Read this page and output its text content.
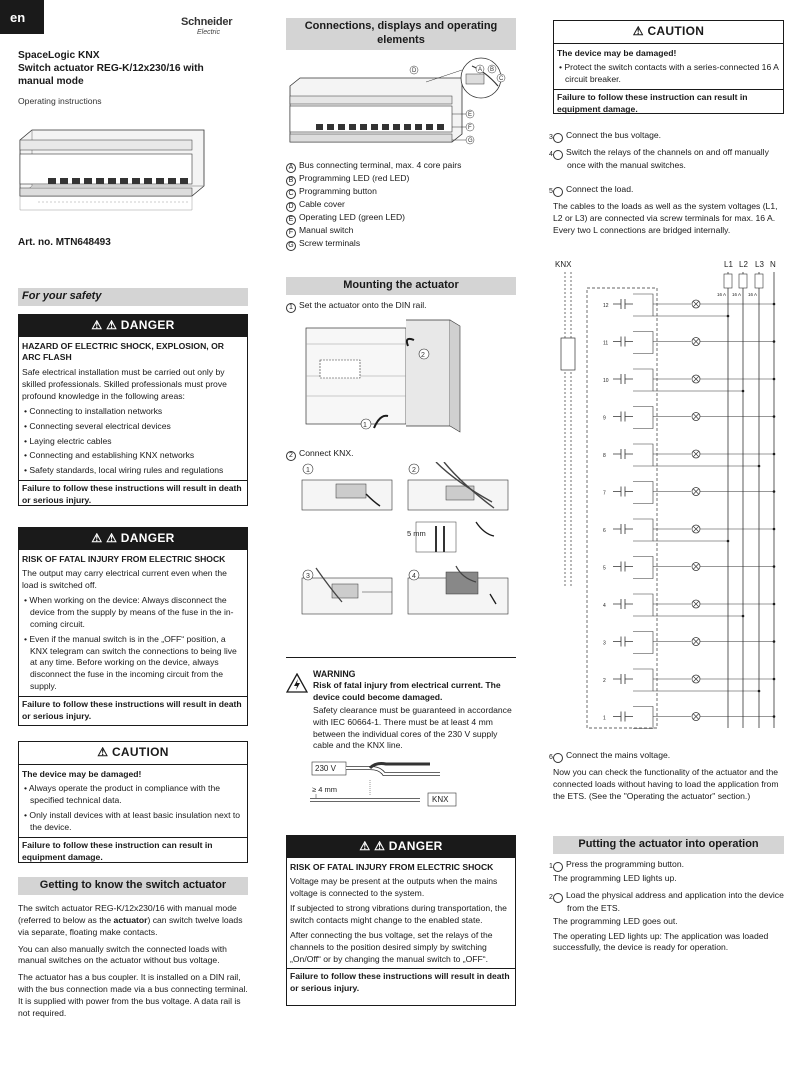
en	Schneider
Electric
SpaceLogic KNX
Switch actuator REG-K/12x230/16 with
manual mode
Operating instructions
Art. no. MTN648493
For your safety
⚠ ⚠ DANGER

HAZARD OF ELECTRIC SHOCK, EXPLOSION, OR ARC FLASH

Safe electrical installation must be carried out only by skilled professionals. Skilled professionals must prove profound knowledge in the following areas:

• Connecting to installation networks

• Connecting several electrical devices

• Laying electric cables

• Connecting and establishing KNX networks

• Safety standards, local wiring rules and regulations

Failure to follow these instructions will result in death or serious injury.
⚠ ⚠ DANGER

RISK OF FATAL INJURY FROM ELECTRIC SHOCK

The output may carry electrical current even when the load is switched off.

• When working on the device: Always disconnect the device from the supply by means of the fuse in the in-coming circuit.

• Even if the manual switch is in the „OFF“ position, a KNX telegram can switch the connections to being live at any time. Before working on the device, always disconnect the fuse in the incoming circuit from the supply.

Failure to follow these instructions will result in death or serious injury.
⚠ CAUTION

The device may be damaged!

• Always operate the product in compliance with the specified technical data.

• Only install devices with at least basic insulation next to the device.

Failure to follow these instruction can result in equipment damage.
Getting to know the switch actuator

The switch actuator REG-K/12x230/16 with manual mode (referred to below as the actuator) can switch twelve loads via separate, floating make contacts.

You can also manually switch the connected loads with manual switches on the actuator without bus voltage.

The actuator has a bus coupler. It is installed on a DIN rail, with the bus connection made via a bus connecting terminal. It is supplied with power from the bus voltage. A data rail is not required.

Connections, displays and operating elements
D	A B
C
E
F
G
A Bus connecting terminal, max. 4 core pairs
B Programming LED (red LED)
C Programming button
D Cable cover
E Operating LED (green LED)
F Manual switch
G Screw terminals
Mounting the actuator
1 Set the actuator onto the DIN rail.
2
1
2 Connect KNX.
5 mm
1	2
3	4
WARNING
Risk of fatal injury from electrical current. The device could become damaged.
Safety clearance must be guaranteed in accordance with IEC 60664-1. There must be at least 4 mm between the individual cores of the 230 V supply cable and the KNX line.
230 V
≥ 4 mm
KNX
⚠ ⚠ DANGER

RISK OF FATAL INJURY FROM ELECTRIC SHOCK

Voltage may be present at the outputs when the mains voltage is connected to the system.

If subjected to strong vibrations during transportation, the switch contacts might change to the enabled state.

After connecting the bus voltage, set the relays of the channels to the position desired simply by switching „On/Off“ or by changing the manual switch to „OFF“.

Failure to follow these instructions will result in death or serious injury.
⚠ CAUTION

The device may be damaged!

• Protect the switch contacts with a series-connected 16 A circuit breaker.

Failure to follow these instruction can result in equipment damage.
3 Connect the bus voltage.
4 Switch the relays of the channels on and off manually once with the manual switches.
5 Connect the load.

The cables to the loads as well as the system voltages (L1, L2 or L3) are connected via screw terminals for max. 16 A. Every two L connections are bridged internally.

KNX	L1 L2 L3 N
16 A 16 A 16 A
12
11
10
9
8
7
6
5
4
3
2
1
6 Connect the mains voltage.

Now you can check the functionality of the actuator and the connected loads without having to load the application from the ETS. (See the "Operating the actuator" section.)

Putting the actuator into operation
1 Press the programming button.

The programming LED lights up.

2 Load the physical address and application into the device from the ETS.

The programming LED goes out.

The operating LED lights up: The application was loaded successfully, the device is ready for operation.
